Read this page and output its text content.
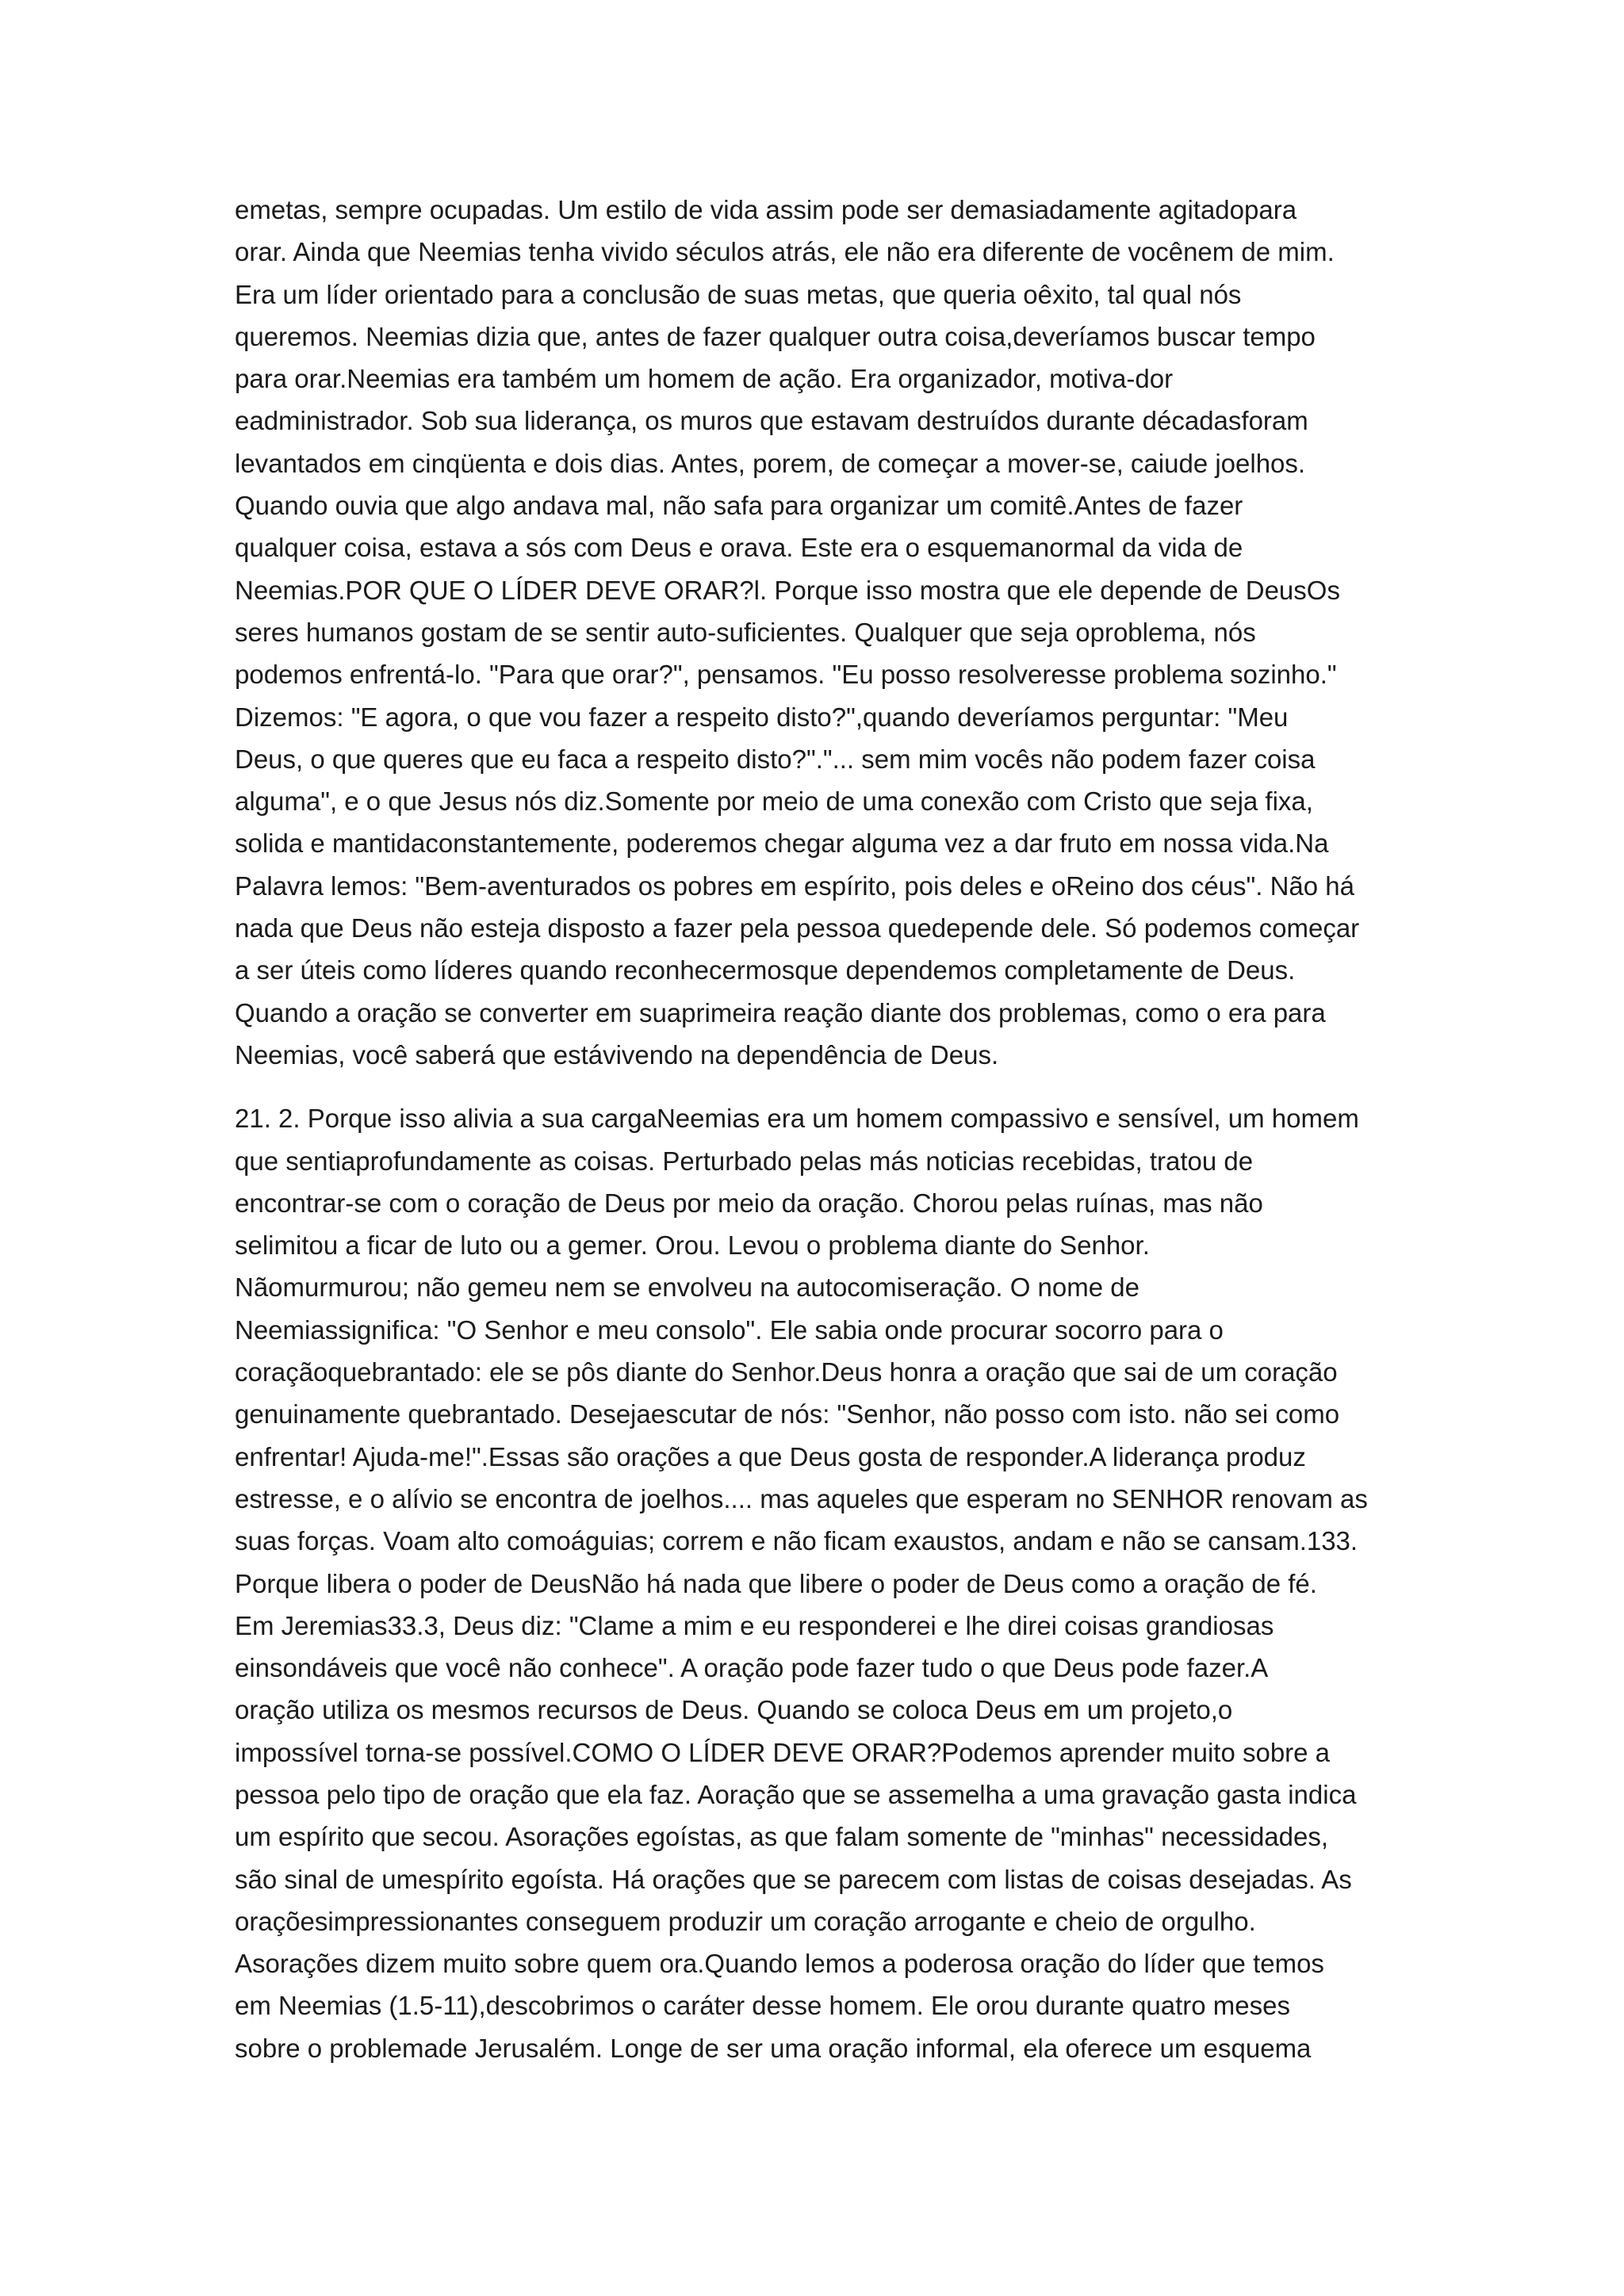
emetas, sempre ocupadas. Um estilo de vida assim pode ser demasiadamente agitadopara
orar. Ainda que Neemias tenha vivido séculos atrás, ele não era diferente de vocênem de mim.
Era um líder orientado para a conclusão de suas metas, que queria oêxito, tal qual nós
queremos. Neemias dizia que, antes de fazer qualquer outra coisa,deveríamos buscar tempo
para orar.Neemias era também um homem de ação. Era organizador, motiva-dor
eadministrador. Sob sua liderança, os muros que estavam destruídos durante décadasforam
levantados em cinqüenta e dois dias. Antes, porem, de começar a mover-se, caiude joelhos.
Quando ouvia que algo andava mal, não safa para organizar um comitê.Antes de fazer
qualquer coisa, estava a sós com Deus e orava. Este era o esquemanormal da vida de
Neemias.POR QUE O LÍDER DEVE ORAR?l. Porque isso mostra que ele depende de DeusOs
seres humanos gostam de se sentir auto-suficientes. Qualquer que seja oproblema, nós
podemos enfrentá-lo. "Para que orar?", pensamos. "Eu posso resolveresse problema sozinho."
Dizemos: "E agora, o que vou fazer a respeito disto?",quando deveríamos perguntar: "Meu
Deus, o que queres que eu faca a respeito disto?"."... sem mim vocês não podem fazer coisa
alguma", e o que Jesus nós diz.Somente por meio de uma conexão com Cristo que seja fixa,
solida e mantidaconstantemente, poderemos chegar alguma vez a dar fruto em nossa vida.Na
Palavra lemos: "Bem-aventurados os pobres em espírito, pois deles e oReino dos céus". Não há
nada que Deus não esteja disposto a fazer pela pessoa quedepende dele. Só podemos começar
a ser úteis como líderes quando reconhecermosque dependemos completamente de Deus.
Quando a oração se converter em suaprimeira reação diante dos problemas, como o era para
Neemias, você saberá que estávivendo na dependência de Deus.

21. 2. Porque isso alivia a sua cargaNeemias era um homem compassivo e sensível, um homem
que sentiaprofundamente as coisas. Perturbado pelas más noticias recebidas, tratou de
encontrar-se com o coração de Deus por meio da oração. Chorou pelas ruínas, mas não
selimitou a ficar de luto ou a gemer. Orou. Levou o problema diante do Senhor.
Nãomurmurou; não gemeu nem se envolveu na autocomiseração. O nome de
Neemiassignifica: "O Senhor e meu consolo". Ele sabia onde procurar socorro para o
coraçãoquebrantado: ele se pôs diante do Senhor.Deus honra a oração que sai de um coração
genuinamente quebrantado. Desejaescutar de nós: "Senhor, não posso com isto. não sei como
enfrentar! Ajuda-me!".Essas são orações a que Deus gosta de responder.A liderança produz
estresse, e o alívio se encontra de joelhos.... mas aqueles que esperam no SENHOR renovam as
suas forças. Voam alto comoáguias; correm e não ficam exaustos, andam e não se cansam.133.
Porque libera o poder de DeusNão há nada que libere o poder de Deus como a oração de fé.
Em Jeremias33.3, Deus diz: "Clame a mim e eu responderei e lhe direi coisas grandiosas
einsondáveis que você não conhece". A oração pode fazer tudo o que Deus pode fazer.A
oração utiliza os mesmos recursos de Deus. Quando se coloca Deus em um projeto,o
impossível torna-se possível.COMO O LÍDER DEVE ORAR?Podemos aprender muito sobre a
pessoa pelo tipo de oração que ela faz. Aoração que se assemelha a uma gravação gasta indica
um espírito que secou. Asorações egoístas, as que falam somente de "minhas" necessidades,
são sinal de umespírito egoísta. Há orações que se parecem com listas de coisas desejadas. As
oraçõesimpressionantes conseguem produzir um coração arrogante e cheio de orgulho.
Asorações dizem muito sobre quem ora.Quando lemos a poderosa oração do líder que temos
em Neemias (1.5-11),descobrimos o caráter desse homem. Ele orou durante quatro meses
sobre o problemade Jerusalém. Longe de ser uma oração informal, ela oferece um esquema
